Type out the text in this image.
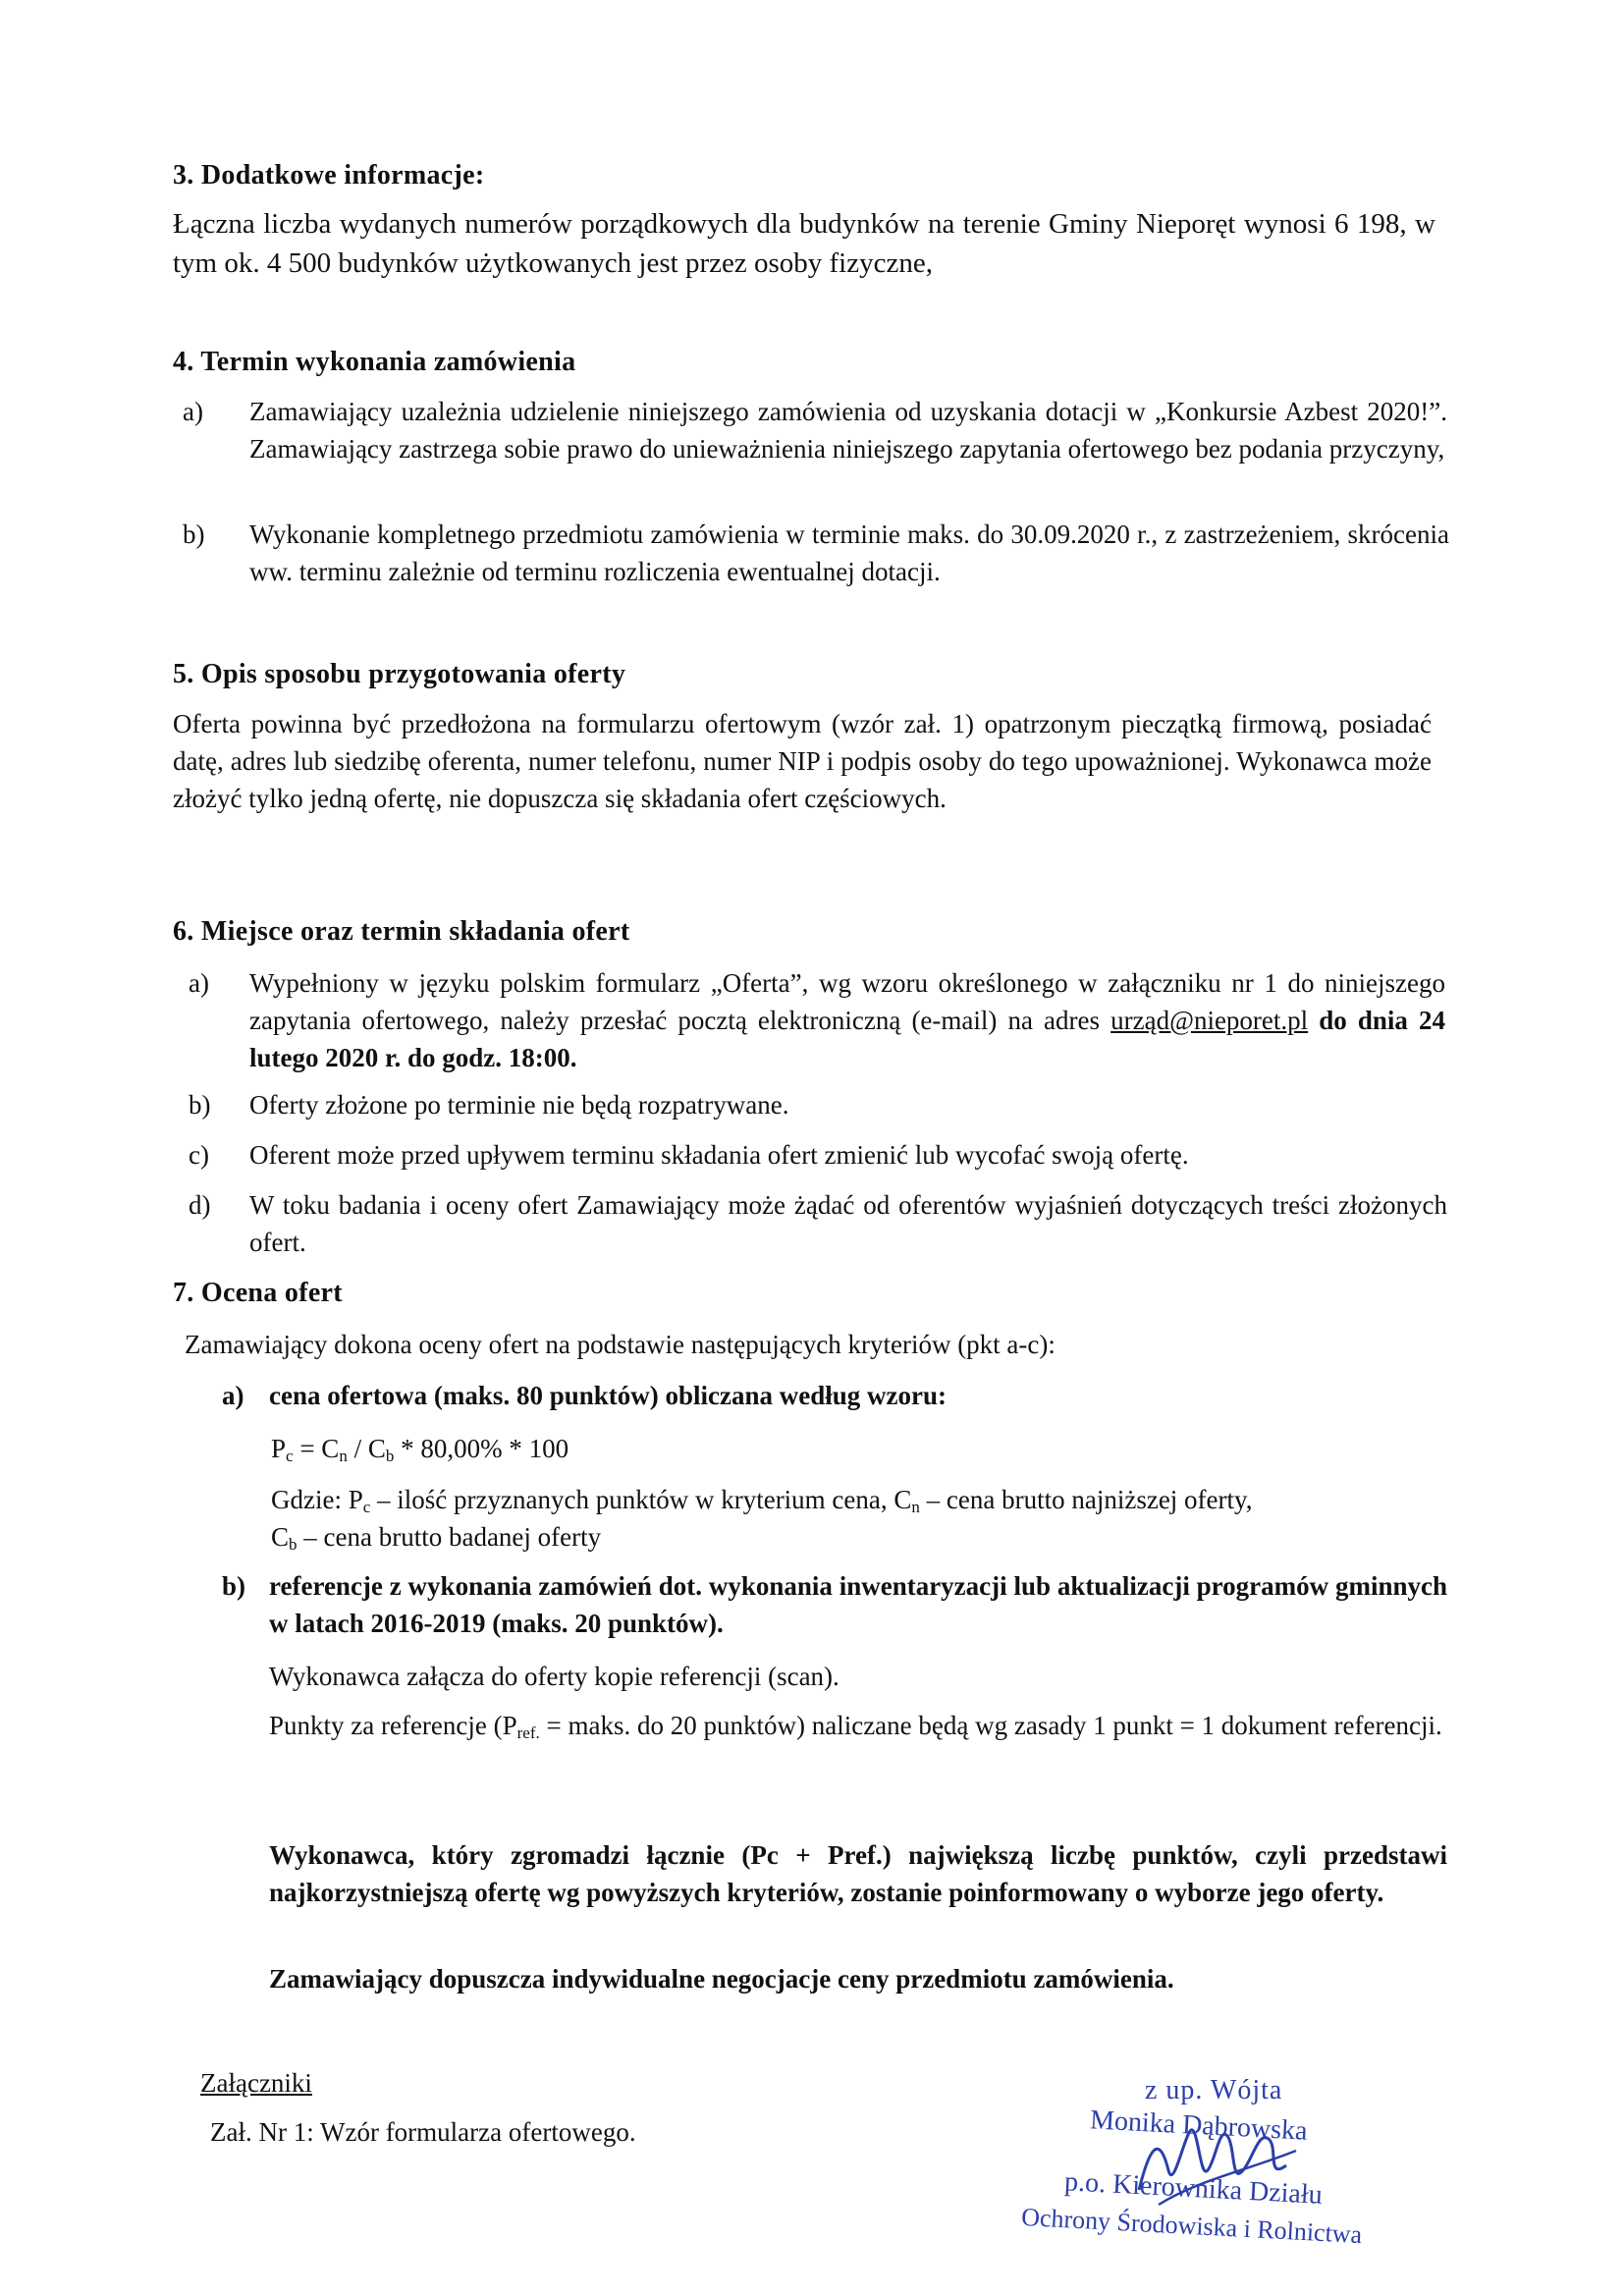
3. Dodatkowe informacje:
Łączna liczba wydanych numerów porządkowych dla budynków na terenie Gminy Nieporęt wynosi 6 198, w tym ok. 4 500 budynków użytkowanych jest przez osoby fizyczne,
4. Termin wykonania zamówienia
a) Zamawiający uzależnia udzielenie niniejszego zamówienia od uzyskania dotacji w „Konkursie Azbest 2020!”. Zamawiający zastrzega sobie prawo do unieważnienia niniejszego zapytania ofertowego bez podania przyczyny,
b) Wykonanie kompletnego przedmiotu zamówienia w terminie maks. do 30.09.2020 r., z zastrzeżeniem, skrócenia ww. terminu zależnie od terminu rozliczenia ewentualnej dotacji.
5. Opis sposobu przygotowania oferty
Oferta powinna być przedłożona na formularzu ofertowym (wzór zał. 1) opatrzonym pieczątką firmową, posiadać datę, adres lub siedzibę oferenta, numer telefonu, numer NIP i podpis osoby do tego upoważnionej. Wykonawca może złożyć tylko jedną ofertę, nie dopuszcza się składania ofert częściowych.
6. Miejsce oraz termin składania ofert
a) Wypełniony w języku polskim formularz „Oferta”, wg wzoru określonego w załączniku nr 1 do niniejszego zapytania ofertowego, należy przesłać pocztą elektroniczną (e-mail) na adres urząd@nieporet.pl do dnia 24 lutego 2020 r. do godz. 18:00.
b) Oferty złożone po terminie nie będą rozpatrywane.
c) Oferent może przed upływem terminu składania ofert zmienić lub wycofać swoją ofertę.
d) W toku badania i oceny ofert Zamawiający może żądać od oferentów wyjaśnień dotyczących treści złożonych ofert.
7. Ocena ofert
Zamawiający dokona oceny ofert na podstawie następujących kryteriów (pkt a-c):
a) cena ofertowa (maks. 80 punktów) obliczana według wzoru:
$P_c = C_n / C_b * 80,00\% * 100$
Gdzie: $P_c$ – ilość przyznanych punktów w kryterium cena, $C_n$ – cena brutto najniższej oferty,
$C_b$ – cena brutto badanej oferty
b) referencje z wykonania zamówień dot. wykonania inwentaryzacji lub aktualizacji programów gminnych w latach 2016-2019 (maks. 20 punktów).
Wykonawca załącza do oferty kopie referencji (scan).
Punkty za referencje ($P_{ref.}$ = maks. do 20 punktów) naliczane będą wg zasady 1 punkt = 1 dokument referencji.
Wykonawca, który zgromadzi łącznie (Pc + Pref.) największą liczbę punktów, czyli przedstawi najkorzystniejszą ofertę wg powyższych kryteriów, zostanie poinformowany o wyborze jego oferty.
Zamawiający dopuszcza indywidualne negocjacje ceny przedmiotu zamówienia.
Załączniki
Zał. Nr 1: Wzór formularza ofertowego.
z up. Wójta
Monika Dąbrowska
p.o. Kierownika Działu
Ochrony Środowiska i Rolnictwa
